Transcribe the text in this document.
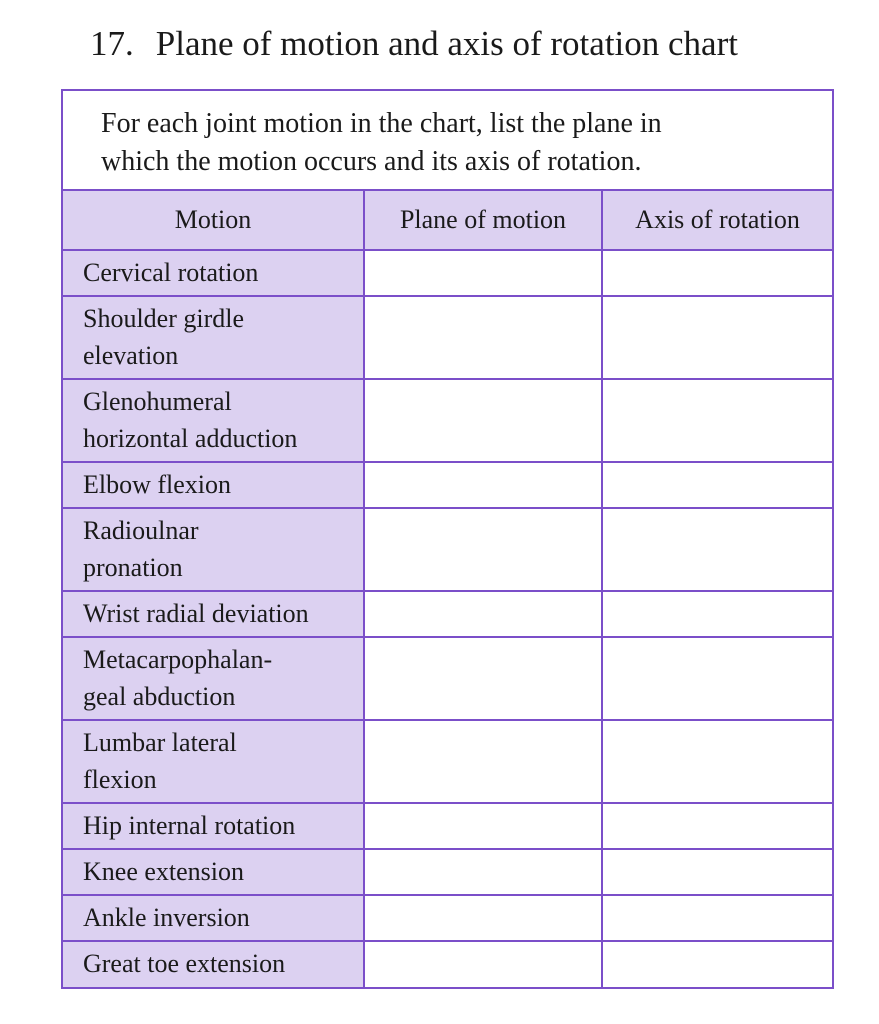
17. Plane of motion and axis of rotation chart
For each joint motion in the chart, list the plane in
which the motion occurs and its axis of rotation.
Motion	Plane of motion	Axis of rotation

Cervical rotation		

Shoulder girdle
elevation		

Glenohumeral
horizontal adduction		

Elbow flexion		

Radioulnar
pronation		

Wrist radial deviation		

Metacarpophalan-
geal abduction		

Lumbar lateral
flexion		

Hip internal rotation		

Knee extension		

Ankle inversion		

Great toe extension		
